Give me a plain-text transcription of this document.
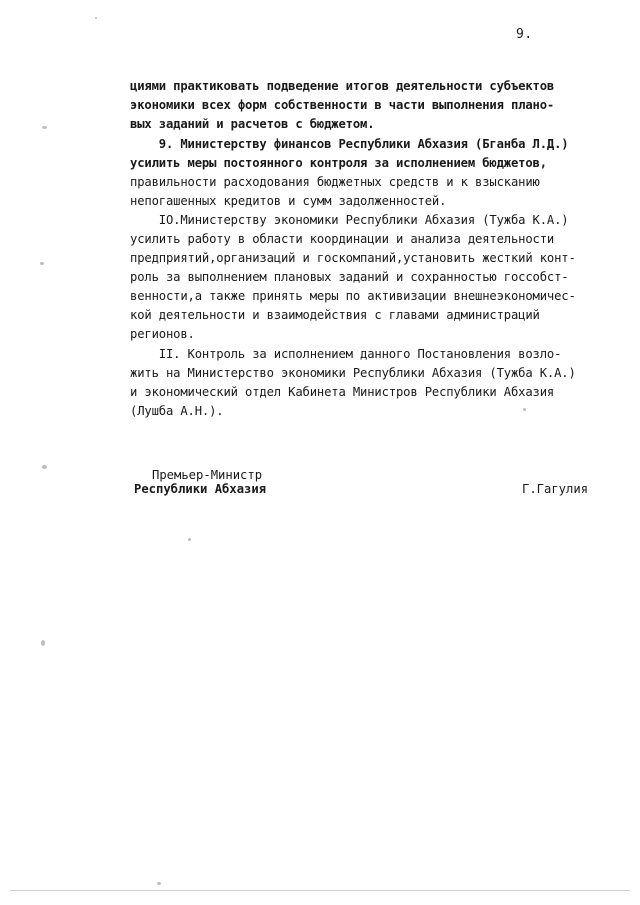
9.
циями практиковать подведение итогов деятельности субъектов
экономики всех форм собственности в части выполнения плано-
вых заданий и расчетов с бюджетом.
9. Министерству финансов Республики Абхазия (Бганба Л.Д.)
усилить меры постоянного контроля за исполнением бюджетов,
правильности расходования бюджетных средств и к взысканию
непогашенных кредитов и сумм задолженностей.
IO.Министерству экономики Республики Абхазия (Тужба К.А.)
усилить работу в области координации и анализа деятельности
предприятий,организаций и госкомпаний,установить жесткий конт-
роль за выполнением плановых заданий и сохранностью госсобст-
венности,а также принять меры по активизации внешнеэкономичес-
кой деятельности и взаимодействия с главами администраций
регионов.
II. Контроль за исполнением данного Постановления возло-
жить на Министерство экономики Республики Абхазия (Тужба К.А.)
и экономический отдел Кабинета Министров Республики Абхазия
(Лушба А.Н.).
Премьер-Министр
Республики Абхазия	Г.Гагулия
